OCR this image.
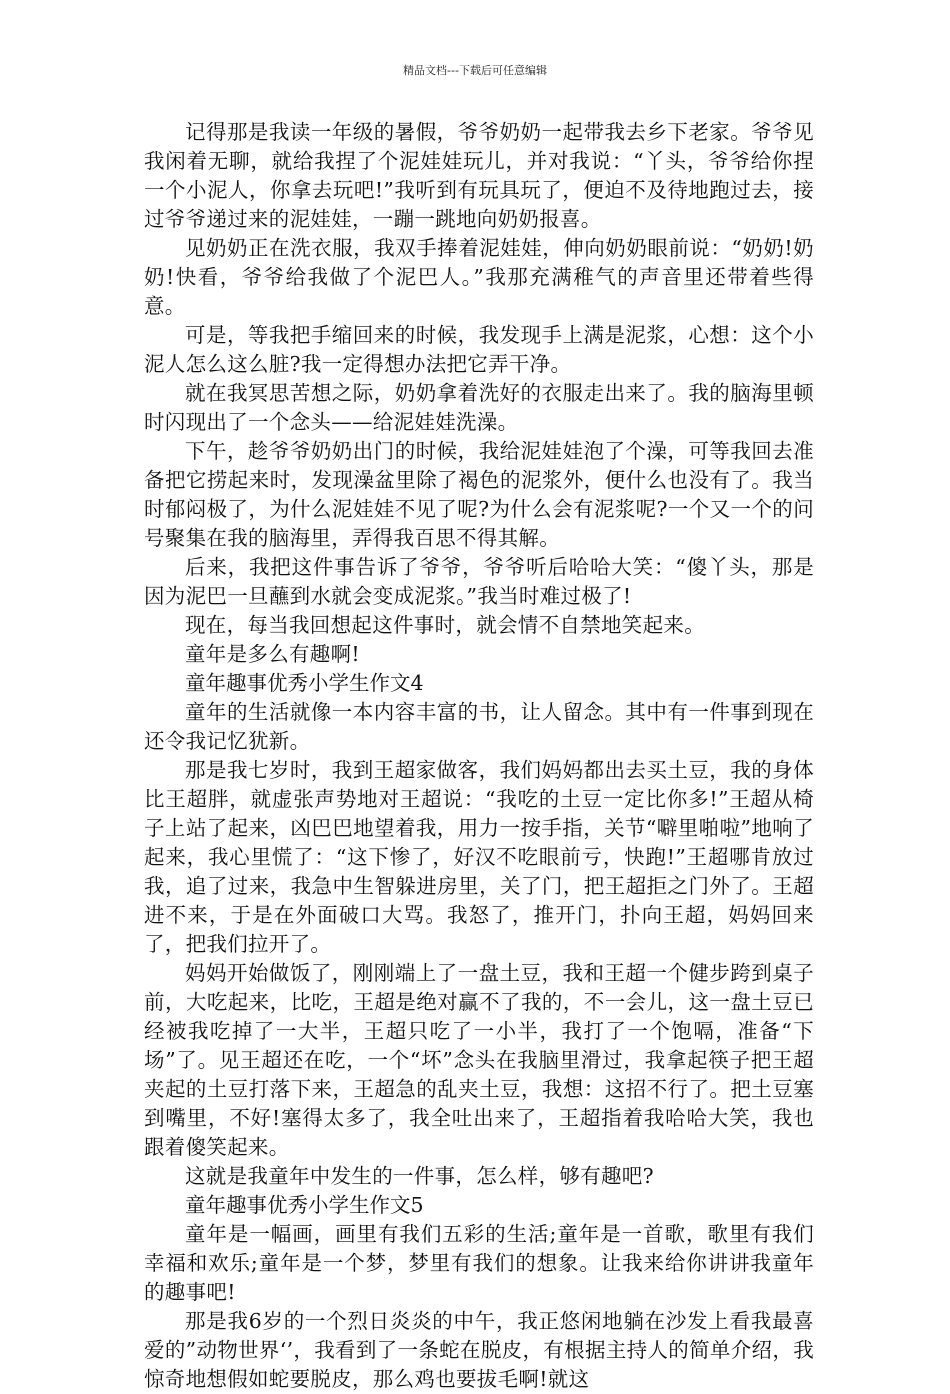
精品文档---下载后可任意编辑

记得那是我读一年级的暑假，爷爷奶奶一起带我去乡下老家。爷爷见我闲着无聊，就给我捏了个泥娃娃玩儿，并对我说：“丫头，爷爷给你捏一个小泥人，你拿去玩吧!”我听到有玩具玩了，便迫不及待地跑过去，接过爷爷递过来的泥娃娃，一蹦一跳地向奶奶报喜。

见奶奶正在洗衣服，我双手捧着泥娃娃，伸向奶奶眼前说：“奶奶!奶奶!快看，爷爷给我做了个泥巴人。”我那充满稚气的声音里还带着些得意。

可是，等我把手缩回来的时候，我发现手上满是泥浆，心想：这个小泥人怎么这么脏?我一定得想办法把它弄干净。

就在我冥思苦想之际，奶奶拿着洗好的衣服走出来了。我的脑海里顿时闪现出了一个念头——给泥娃娃洗澡。

下午，趁爷爷奶奶出门的时候，我给泥娃娃泡了个澡，可等我回去准备把它捞起来时，发现澡盆里除了褐色的泥浆外，便什么也没有了。我当时郁闷极了，为什么泥娃娃不见了呢?为什么会有泥浆呢?一个又一个的问号聚集在我的脑海里，弄得我百思不得其解。

后来，我把这件事告诉了爷爷，爷爷听后哈哈大笑：“傻丫头，那是因为泥巴一旦蘸到水就会变成泥浆。”我当时难过极了!

现在，每当我回想起这件事时，就会情不自禁地笑起来。

童年是多么有趣啊!

童年趣事优秀小学生作文4

童年的生活就像一本内容丰富的书，让人留念。其中有一件事到现在还令我记忆犹新。

那是我七岁时，我到王超家做客，我们妈妈都出去买土豆，我的身体比王超胖，就虚张声势地对王超说：“我吃的土豆一定比你多!”王超从椅子上站了起来，凶巴巴地望着我，用力一按手指，关节“噼里啪啦”地响了起来，我心里慌了：“这下惨了，好汉不吃眼前亏，快跑!”王超哪肯放过我，追了过来，我急中生智躲进房里，关了门，把王超拒之门外了。王超进不来，于是在外面破口大骂。我怒了，推开门，扑向王超，妈妈回来了，把我们拉开了。

妈妈开始做饭了，刚刚端上了一盘土豆，我和王超一个健步跨到桌子前，大吃起来，比吃，王超是绝对赢不了我的，不一会儿，这一盘土豆已经被我吃掉了一大半，王超只吃了一小半，我打了一个饱嗝，准备“下场”了。见王超还在吃，一个“坏”念头在我脑里滑过，我拿起筷子把王超夹起的土豆打落下来，王超急的乱夹土豆，我想：这招不行了。把土豆塞到嘴里，不好!塞得太多了，我全吐出来了，王超指着我哈哈大笑，我也跟着傻笑起来。

这就是我童年中发生的一件事，怎么样，够有趣吧?

童年趣事优秀小学生作文5

童年是一幅画，画里有我们五彩的生活;童年是一首歌，歌里有我们幸福和欢乐;童年是一个梦，梦里有我们的想象。让我来给你讲讲我童年的趣事吧!

那是我6岁的一个烈日炎炎的中午，我正悠闲地躺在沙发上看我最喜爱的”动物世界‘’，我看到了一条蛇在脱皮，有根据主持人的简单介绍，我惊奇地想假如蛇要脱皮，那么鸡也要拔毛啊!就这
